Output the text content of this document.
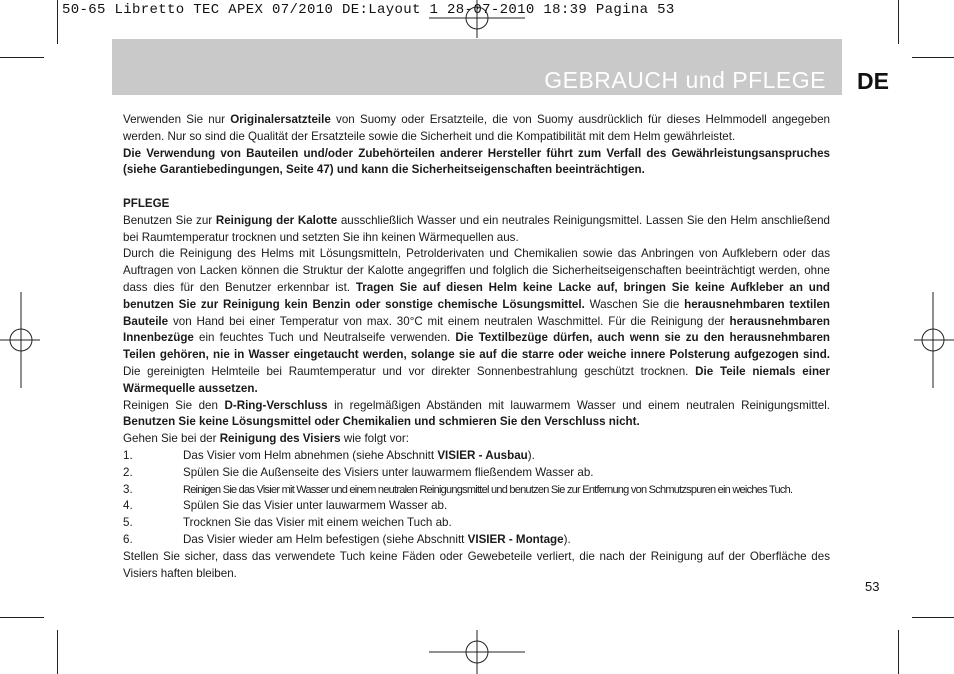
50-65 Libretto TEC APEX 07/2010 DE:Layout 1 28-07-2010 18:39 Pagina 53
GEBRAUCH und PFLEGE DE

Verwenden Sie nur Originalersatzteile von Suomy oder Ersatzteile, die von Suomy ausdrücklich für dieses Helmmodell angegeben werden. Nur so sind die Qualität der Ersatzteile sowie die Sicherheit und die Kompatibilität mit dem Helm gewährleistet.

Die Verwendung von Bauteilen und/oder Zubehörteilen anderer Hersteller führt zum Verfall des Gewährleistungsanspruches (siehe Garantiebedingungen, Seite 47) und kann die Sicherheitseigenschaften beeinträchtigen.

PFLEGE

Benutzen Sie zur Reinigung der Kalotte ausschließlich Wasser und ein neutrales Reinigungsmittel. Lassen Sie den Helm anschließend bei Raumtemperatur trocknen und setzten Sie ihn keinen Wärmequellen aus.

Durch die Reinigung des Helms mit Lösungsmitteln, Petrolderivaten und Chemikalien sowie das Anbringen von Aufklebern oder das Auftragen von Lacken können die Struktur der Kalotte angegriffen und folglich die Sicherheitseigenschaften beeinträchtigt werden, ohne dass dies für den Benutzer erkennbar ist. Tragen Sie auf diesen Helm keine Lacke auf, bringen Sie keine Aufkleber an und benutzen Sie zur Reinigung kein Benzin oder sonstige chemische Lösungsmittel. Waschen Sie die herausnehmbaren textilen Bauteile von Hand bei einer Temperatur von max. 30°C mit einem neutralen Waschmittel. Für die Reinigung der herausnehmbaren Innenbezüge ein feuchtes Tuch und Neutralseife verwenden. Die Textilbezüge dürfen, auch wenn sie zu den herausnehmbaren Teilen gehören, nie in Wasser eingetaucht werden, solange sie auf die starre oder weiche innere Polsterung aufgezogen sind. Die gereinigten Helmteile bei Raumtemperatur und vor direkter Sonnenbestrahlung geschützt trocknen. Die Teile niemals einer Wärmequelle aussetzen.

Reinigen Sie den D-Ring-Verschluss in regelmäßigen Abständen mit lauwarmem Wasser und einem neutralen Reinigungsmittel. Benutzen Sie keine Lösungsmittel oder Chemikalien und schmieren Sie den Verschluss nicht.

Gehen Sie bei der Reinigung des Visiers wie folgt vor:

1.	Das Visier vom Helm abnehmen (siehe Abschnitt VISIER - Ausbau).
2.	Spülen Sie die Außenseite des Visiers unter lauwarmem fließendem Wasser ab.
3.	Reinigen Sie das Visier mit Wasser und einem neutralen Reinigungsmittel und benutzen Sie zur Entfernung von Schmutzspuren ein weiches Tuch.
4.	Spülen Sie das Visier unter lauwarmem Wasser ab.
5.	Trocknen Sie das Visier mit einem weichen Tuch ab.
6.	Das Visier wieder am Helm befestigen (siehe Abschnitt VISIER - Montage).

Stellen Sie sicher, dass das verwendete Tuch keine Fäden oder Gewebeteile verliert, die nach der Reinigung auf der Oberfläche des Visiers haften bleiben.

53
